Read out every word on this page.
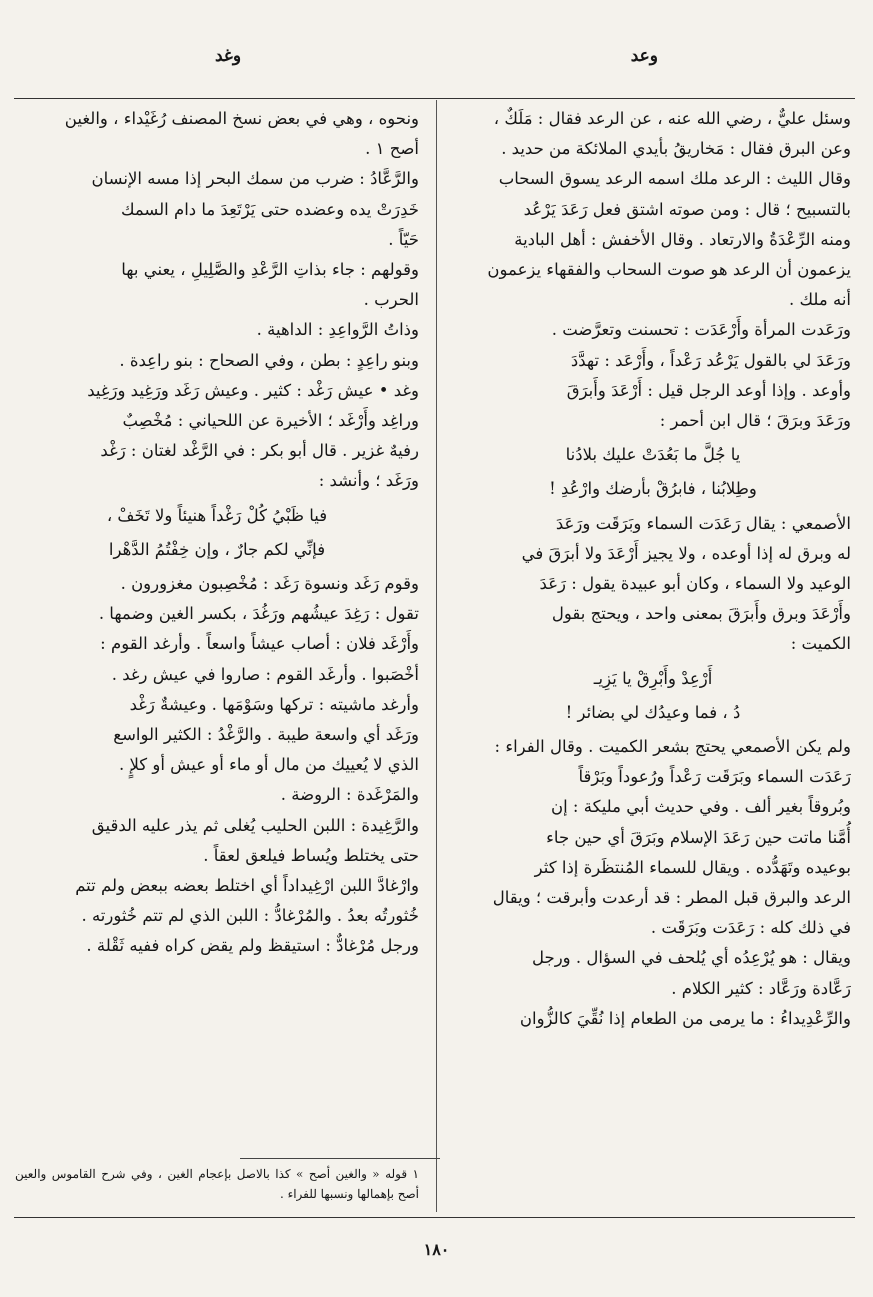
وعد
وغد

وسئل عليٌّ ، رضي الله عنه ، عن الرعد فقال : مَلَكٌ ،

وعن البرق فقال : مَخاريقُ بأيدي الملائكة من حديد .

وقال الليث : الرعد ملك اسمه الرعد يسوق السحاب

بالتسبيح ؛ قال : ومن صوته اشتق فعل رَعَدَ يَرْعُد

ومنه الرِّعْدَةُ والارتعاد . وقال الأخفش : أهل البادية

يزعمون أن الرعد هو صوت السحاب والفقهاء يزعمون

أنه ملك .

ورَعَدت المرأة وأَرْعَدَت : تحسنت وتعرَّضت .

ورَعَدَ لي بالقول يَرْعُد رَعْداً ، وأَرْعَد : تهدَّدَ

وأوعد . وإذا أوعد الرجل قيل : أَرْعَدَ وأَبرَقَ

ورَعَدَ وبرَقَ ؛ قال ابن أحمر :

يا جُلَّ ما بَعُدَتْ عليك بلادُنا

وطِلابُنا ، فابرُقْ بأرضك وارْعُدِ !

الأصمعي : يقال رَعَدَت السماء وبَرَقَت ورَعَدَ

له وبرق له إذا أوعده ، ولا يجيز أَرْعَدَ ولا أبرَقَ في

الوعيد ولا السماء ، وكان أبو عبيدة يقول : رَعَدَ

وأَرْعَدَ وبرق وأَبرَقَ بمعنى واحد ، ويحتج بقول

الكميت :

أَرْعِدْ وأَبْرِقْ يا يَزِيـ

دُ ، فما وعيدُك لي بضائر !

ولم يكن الأصمعي يحتج بشعر الكميت . وقال الفراء :

رَعَدَت السماء وبَرَقَت رَعْداً ورُعوداً وبَرْقاً

وبُروقاً بغير ألف . وفي حديث أبي مليكة : إن

أُمَّنا ماتت حين رَعَدَ الإسلام وبَرَقَ أي حين جاء

بوعيده وتَهَدُّده . ويقال للسماء المُنتظَرة إذا كثر

الرعد والبرق قبل المطر : قد أرعدت وأبرقت ؛ ويقال

في ذلك كله : رَعَدَت وبَرَقَت .

ويقال : هو يُرْعِدُه أي يُلحف في السؤال . ورجل

رَعَّادة ورَعَّاد : كثير الكلام .

والرِّعْدِيداءُ : ما يرمى من الطعام إذا نُقِّيَ كالزُّوان

ونحوه ، وهي في بعض نسخ المصنف رُغَيْداء ، والغين

أصح ١ .

والرَّعَّادُ : ضرب من سمك البحر إذا مسه الإنسان

خَدِرَتْ يده وعضده حتى يَرْتَعِدَ ما دام السمك

حَيّاً .

وقولهم : جاء بذاتِ الرَّعْدِ والصَّلِيلِ ، يعني بها

الحرب .

وذاتُ الرَّواعِدِ : الداهية .

وبنو راعِدٍ : بطن ، وفي الصحاح : بنو راعِدة .

وغد • عيش رَغْد : كثير . وعيش رَغَد ورَغِيد ورَغِيد

وراغِد وأَرْغَد ؛ الأخيرة عن اللحياني : مُخْصِبٌ

رفيهٌ غزير . قال أبو بكر : في الرَّغْد لغتان : رَغْد

ورَغَد ؛ وأنشد :

فيا ظَبْيُ كُلْ رَغْداً هنيئاً ولا تَخَفْ ،

فإنِّي لكم جارٌ ، وإن خِفْتُمُ الدَّهْرا

وقوم رَغَد ونسوة رَغَد : مُخْصِبون مغزورون .

تقول : رَغِدَ عيشُهم ورَغُدَ ، بكسر الغين وضمها .

وأَرْغَد فلان : أصاب عيشاً واسعاً . وأرغد القوم :

أخْصَبوا . وأرغَد القوم : صاروا في عيش رغد .

وأرغد ماشيته : تركها وسَوْمَها . وعيشةٌ رَغْد

ورَغَد أي واسعة طيبة . والرَّغْدُ : الكثير الواسع

الذي لا يُعييك من مال أو ماء أو عيش أو كلإٍ .

والمَرْغَدة : الروضة .

والرَّغِيدة : اللبن الحليب يُغلى ثم يذر عليه الدقيق

حتى يختلط ويُساط فيلعق لعقاً .

وارْغادَّ اللبن ارْغِيداداً أي اختلط بعضه ببعض ولم تتم

خُثورتُه بعدُ . والمُرْغادُّ : اللبن الذي لم تتم خُثورته .

ورجل مُرْغادٌّ : استيقظ ولم يقض كراه ففيه ثَقْلة .

١ قوله « والغين أصح » كذا بالاصل بإعجام الغين ، وفي شرح القاموس والعين أصح بإهمالها ونسبها للفراء .
١٨٠
